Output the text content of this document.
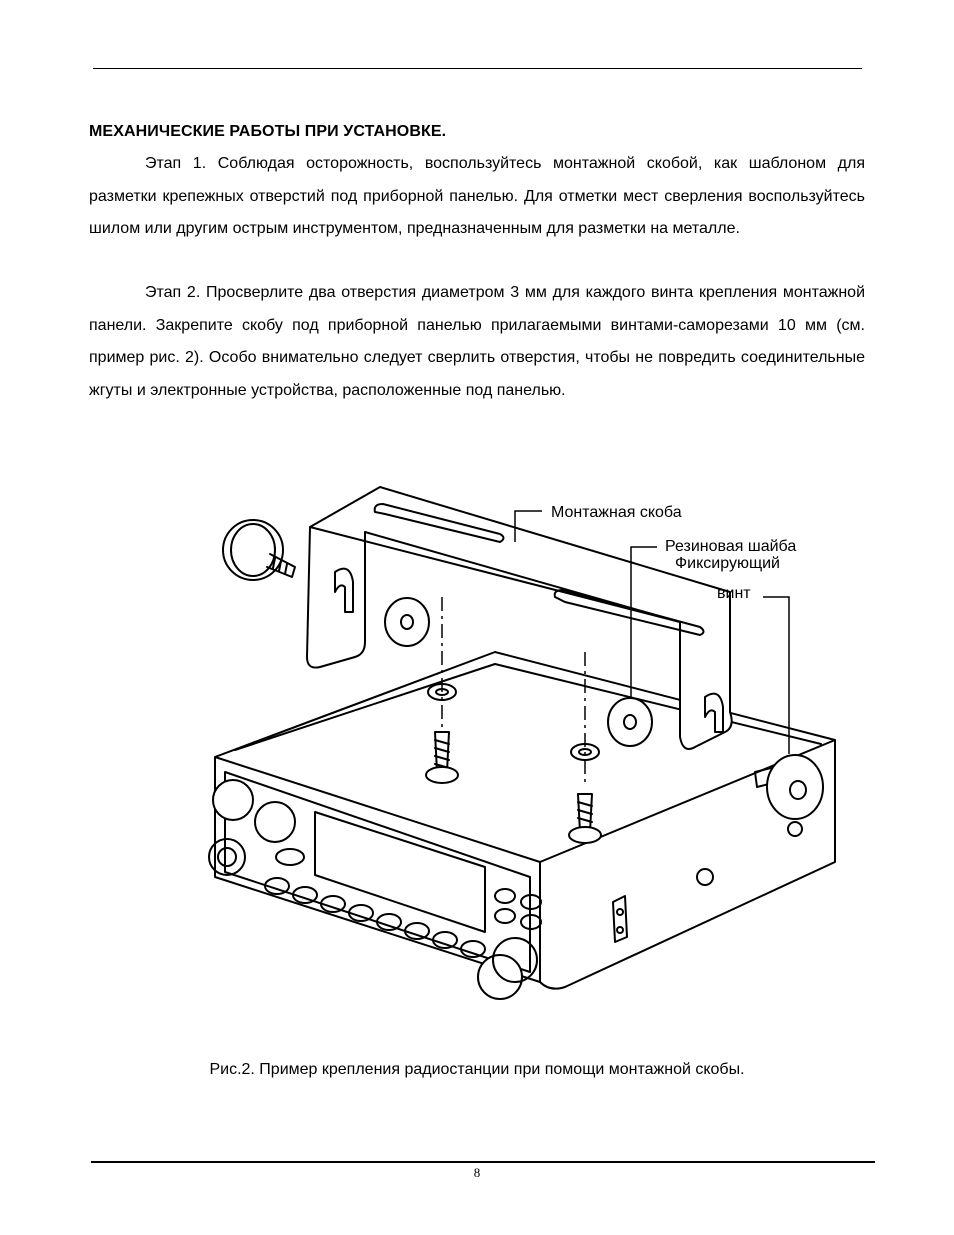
МЕХАНИЧЕСКИЕ РАБОТЫ ПРИ УСТАНОВКЕ.

Этап 1. Соблюдая осторожность, воспользуйтесь монтажной скобой, как шаблоном для разметки крепежных отверстий под приборной панелью. Для отметки мест сверления воспользуйтесь шилом или другим острым инструментом, предназначенным для разметки на металле.

Этап 2. Просверлите два отверстия диаметром 3 мм для каждого винта крепления монтажной панели. Закрепите скобу под приборной панелью прилагаемыми винтами-саморезами 10 мм (см. пример рис. 2). Особо внимательно следует сверлить отверстия, чтобы не повредить соединительные жгуты и электронные устройства, расположенные под панелью.

Монтажная скоба
Резиновая шайба
Фиксирующий
винт
Рис.2. Пример крепления радиостанции при помощи монтажной скобы.
8
